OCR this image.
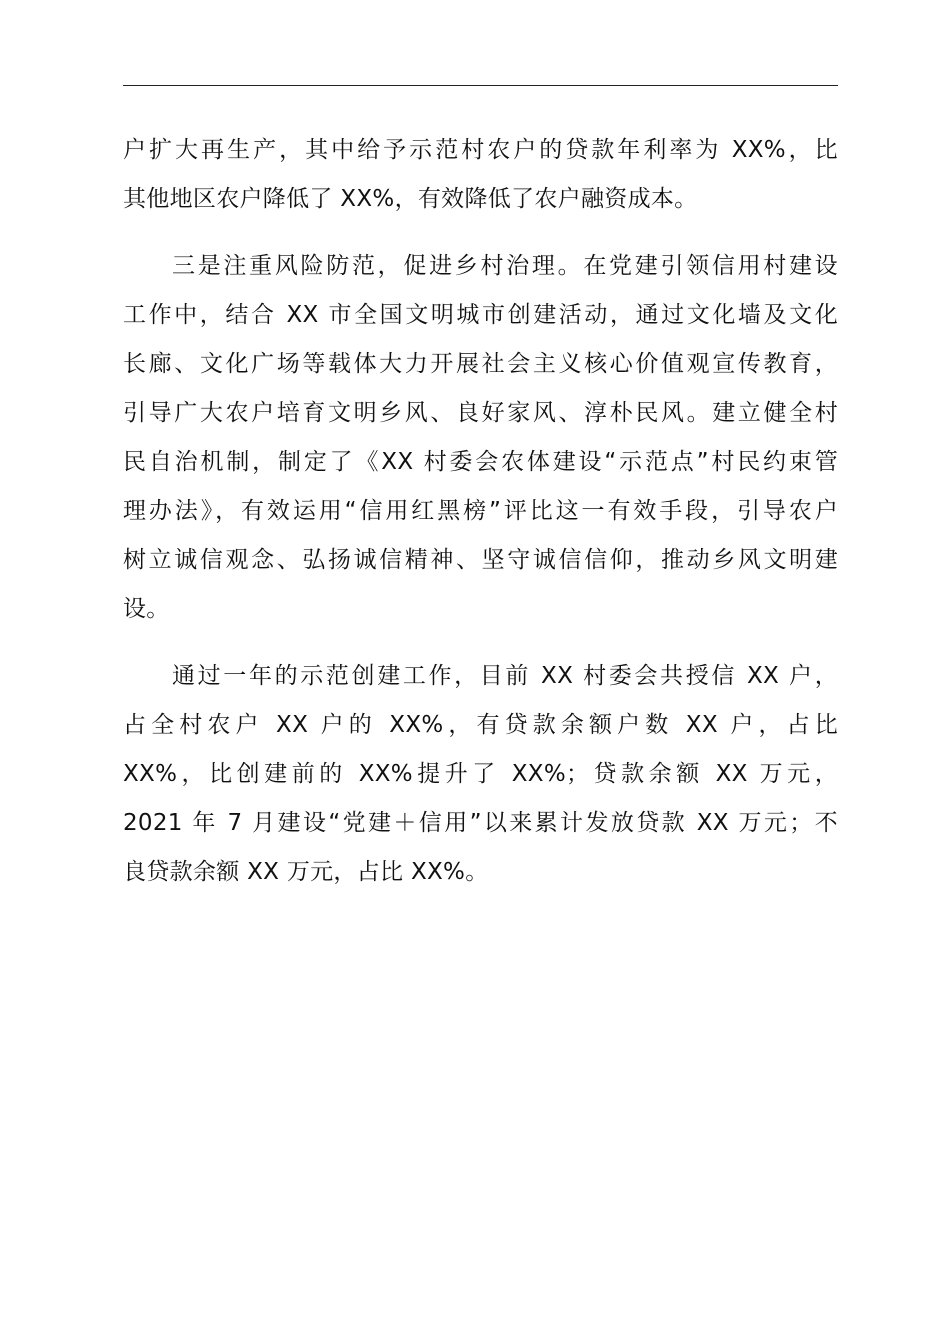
户扩大再生产，其中给予示范村农户的贷款年利率为 XX%，比
其他地区农户降低了 XX%，有效降低了农户融资成本。
三是注重风险防范，促进乡村治理。在党建引领信用村建设
工作中，结合 XX 市全国文明城市创建活动，通过文化墙及文化
长廊、文化广场等载体大力开展社会主义核心价值观宣传教育，
引导广大农户培育文明乡风、良好家风、淳朴民风。建立健全村
民自治机制，制定了《XX 村委会农体建设“示范点”村民约束管
理办法》，有效运用“信用红黑榜”评比这一有效手段，引导农户
树立诚信观念、弘扬诚信精神、坚守诚信信仰，推动乡风文明建
设。
通过一年的示范创建工作，目前 XX 村委会共授信 XX 户，
占全村农户 XX 户的 XX%，有贷款余额户数 XX 户，占比
XX%，比创建前的 XX%提升了 XX%；贷款余额 XX 万元，
2021 年 7 月建设“党建＋信用”以来累计发放贷款 XX 万元；不
良贷款余额 XX 万元，占比 XX%。
